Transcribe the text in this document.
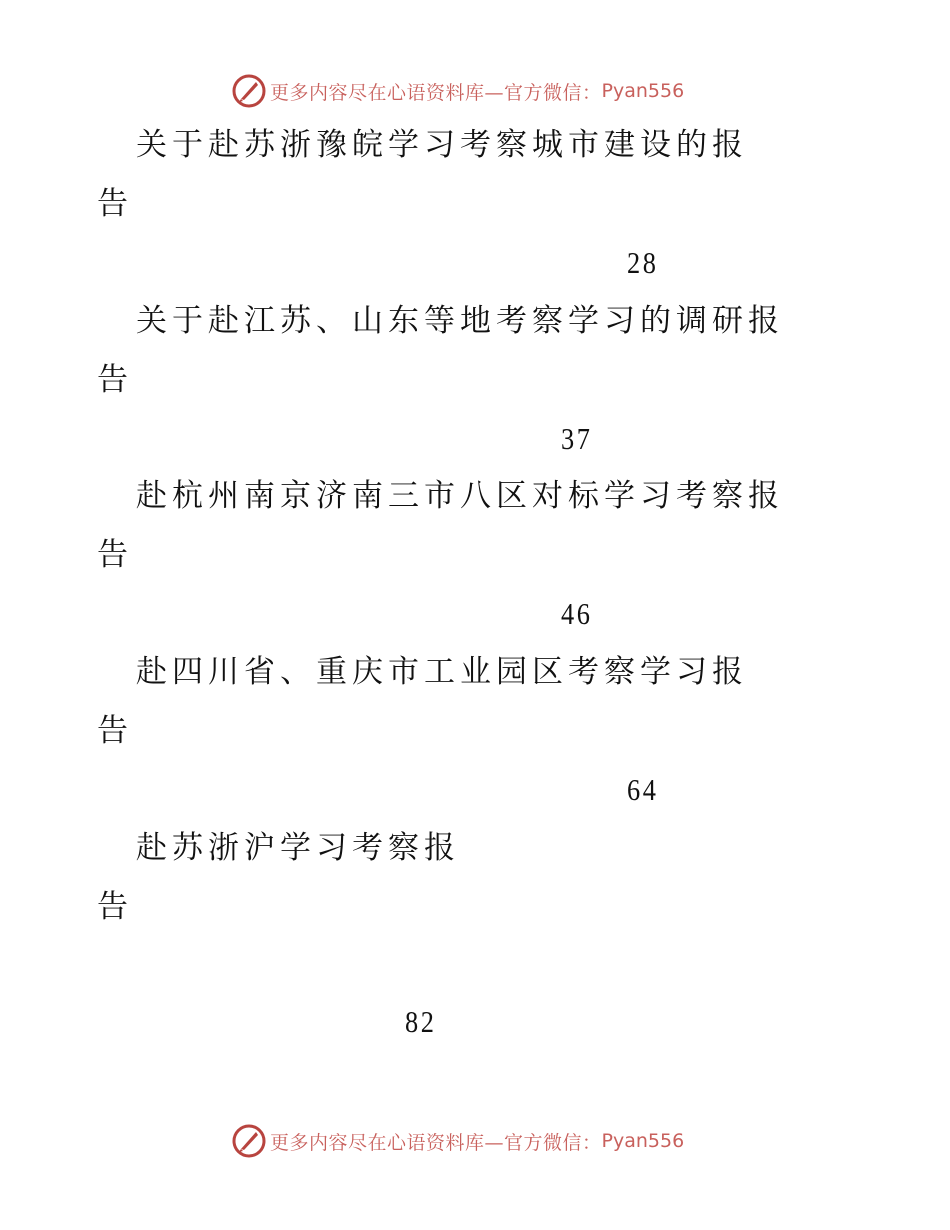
更多内容尽在心语资料库—官方微信： Pyan556
关于赴苏浙豫皖学习考察城市建设的报
告
28
关于赴江苏、山东等地考察学习的调研报
告
37
赴杭州南京济南三市八区对标学习考察报
告
46
赴四川省、重庆市工业园区考察学习报
告
64
赴苏浙沪学习考察报
告
82
更多内容尽在心语资料库—官方微信： Pyan556
